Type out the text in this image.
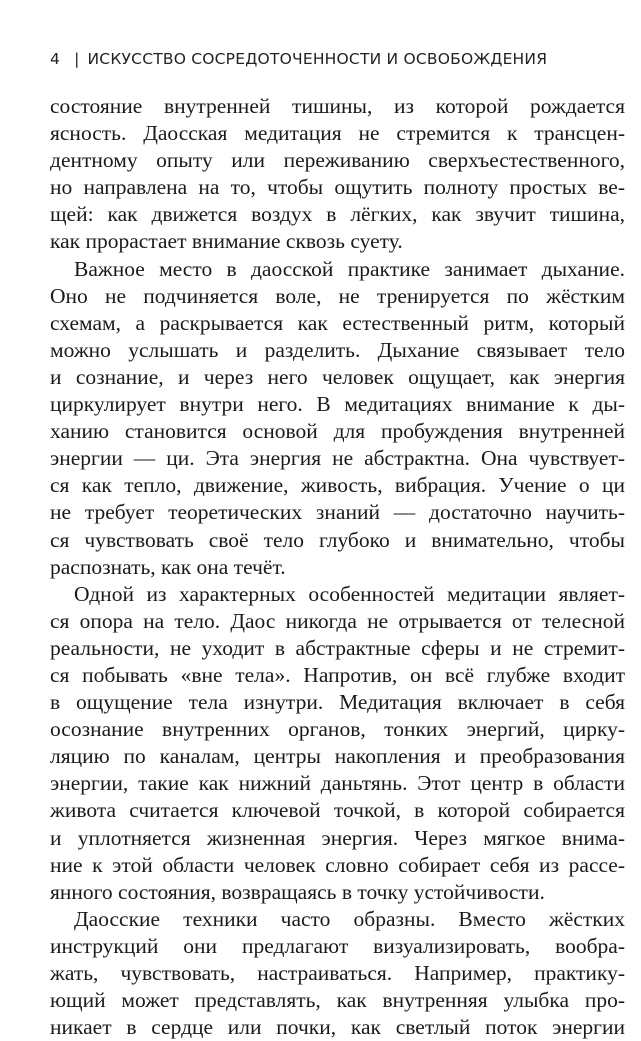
4 | ИСКУССТВО СОСРЕДОТОЧЕННОСТИ И ОСВОБОЖДЕНИЯ
состояние внутренней тишины, из которой рождается
ясность. Даосская медитация не стремится к трансцен-
дентному опыту или переживанию сверхъестественного,
но направлена на то, чтобы ощутить полноту простых ве-
щей: как движется воздух в лёгких, как звучит тишина,
как прорастает внимание сквозь суету.
Важное место в даосской практике занимает дыхание.
Оно не подчиняется воле, не тренируется по жёстким
схемам, а раскрывается как естественный ритм, который
можно услышать и разделить. Дыхание связывает тело
и сознание, и через него человек ощущает, как энергия
циркулирует внутри него. В медитациях внимание к ды-
ханию становится основой для пробуждения внутренней
энергии — ци. Эта энергия не абстрактна. Она чувствует-
ся как тепло, движение, живость, вибрация. Учение о ци
не требует теоретических знаний — достаточно научить-
ся чувствовать своё тело глубоко и внимательно, чтобы
распознать, как она течёт.
Одной из характерных особенностей медитации являет-
ся опора на тело. Даос никогда не отрывается от телесной
реальности, не уходит в абстрактные сферы и не стремит-
ся побывать «вне тела». Напротив, он всё глубже входит
в ощущение тела изнутри. Медитация включает в себя
осознание внутренних органов, тонких энергий, цирку-
ляцию по каналам, центры накопления и преобразования
энергии, такие как нижний даньтянь. Этот центр в области
живота считается ключевой точкой, в которой собирается
и уплотняется жизненная энергия. Через мягкое внима-
ние к этой области человек словно собирает себя из рассе-
янного состояния, возвращаясь в точку устойчивости.
Даосские техники часто образны. Вместо жёстких
инструкций они предлагают визуализировать, вообра-
жать, чувствовать, настраиваться. Например, практику-
ющий может представлять, как внутренняя улыбка про-
никает в сердце или почки, как светлый поток энергии
